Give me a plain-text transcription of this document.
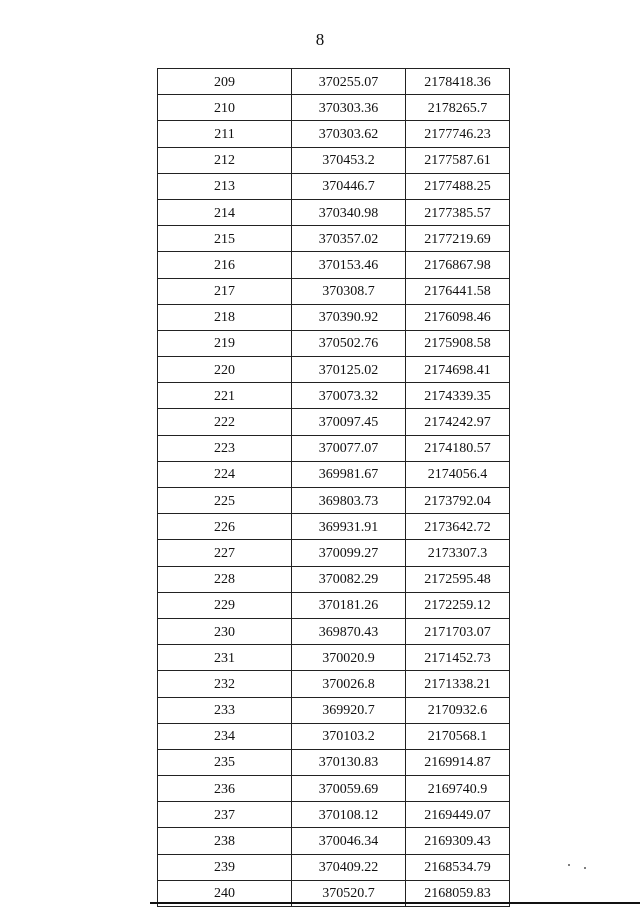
8
209	370255.07	2178418.36
210	370303.36	2178265.7
211	370303.62	2177746.23
212	370453.2	2177587.61
213	370446.7	2177488.25
214	370340.98	2177385.57
215	370357.02	2177219.69
216	370153.46	2176867.98
217	370308.7	2176441.58
218	370390.92	2176098.46
219	370502.76	2175908.58
220	370125.02	2174698.41
221	370073.32	2174339.35
222	370097.45	2174242.97
223	370077.07	2174180.57
224	369981.67	2174056.4
225	369803.73	2173792.04
226	369931.91	2173642.72
227	370099.27	2173307.3
228	370082.29	2172595.48
229	370181.26	2172259.12
230	369870.43	2171703.07
231	370020.9	2171452.73
232	370026.8	2171338.21
233	369920.7	2170932.6
234	370103.2	2170568.1
235	370130.83	2169914.87
236	370059.69	2169740.9
237	370108.12	2169449.07
238	370046.34	2169309.43
239	370409.22	2168534.79
240	370520.7	2168059.83
